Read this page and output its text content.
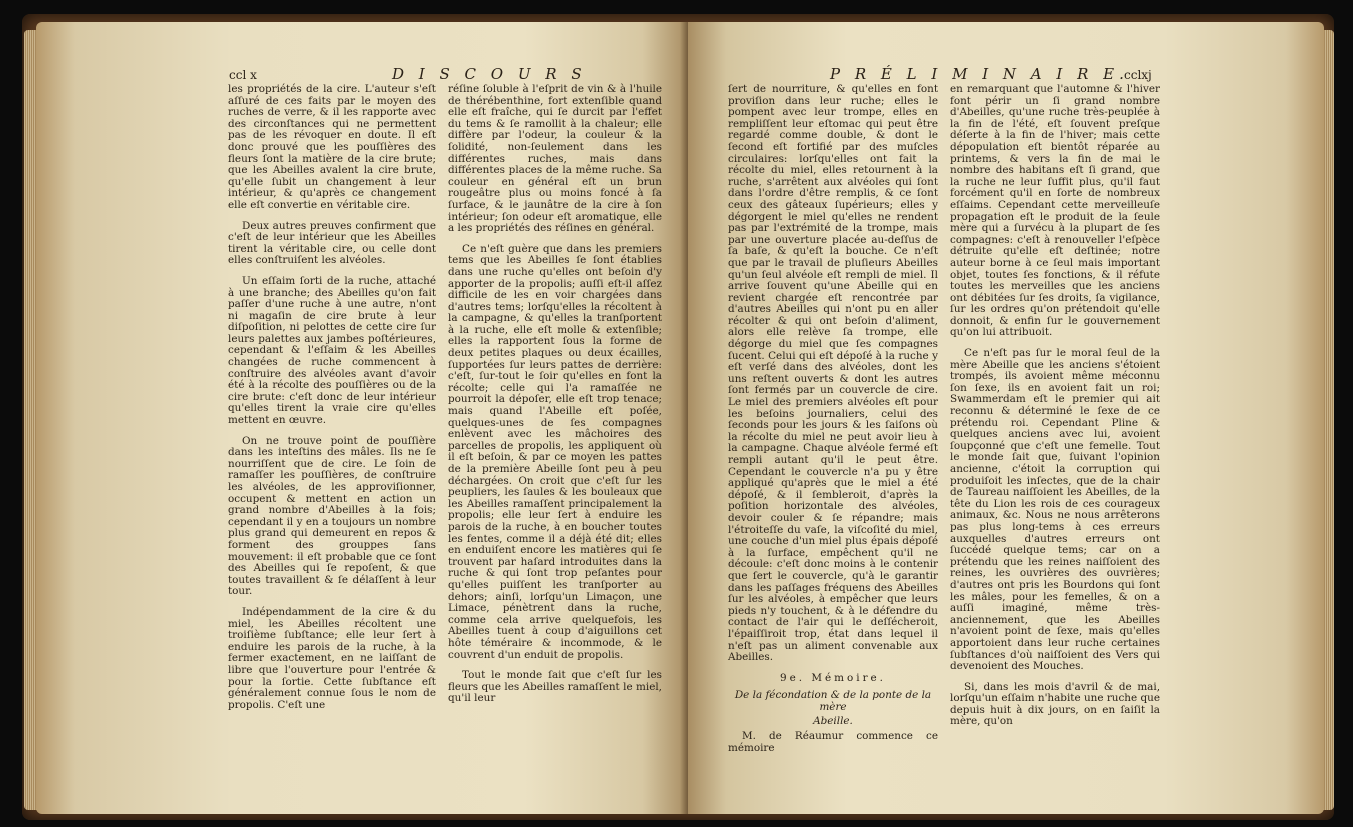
ccl x	D I S C O U R S

les propriétés de la cire. L'auteur s'eſt aſſuré de ces faits par le moyen des ruches de verre, & il les rapporte avec des circonſtances qui ne permettent pas de les révoquer en doute. Il eſt donc prouvé que les pouſſières des fleurs ſont la matière de la cire brute; que les Abeilles avalent la cire brute, qu'elle ſubit un changement à leur intérieur, & qu'après ce changement elle eſt convertie en véritable cire.

Deux autres preuves confirment que c'eſt de leur intérieur que les Abeilles tirent la véritable cire, ou celle dont elles conſtruiſent les alvéoles.

Un eſſaim ſorti de la ruche, attaché à une branche; des Abeilles qu'on fait paſſer d'une ruche à une autre, n'ont ni magaſin de cire brute à leur diſpoſition, ni pelottes de cette cire ſur leurs palettes aux jambes poſtérieures, cependant & l'eſſaim & les Abeilles changées de ruche commencent à conſtruire des alvéoles avant d'avoir été à la récolte des pouſſières ou de la cire brute: c'eſt donc de leur intérieur qu'elles tirent la vraie cire qu'elles mettent en œuvre.

On ne trouve point de pouſſière dans les inteſtins des mâles. Ils ne ſe nourriſſent que de cire. Le ſoin de ramaſſer les pouſſières, de conſtruire les alvéoles, de les approviſionner, occupent & mettent en action un grand nombre d'Abeilles à la fois; cependant il y en a toujours un nombre plus grand qui demeurent en repos & forment des grouppes ſans mouvement: il eſt probable que ce ſont des Abeilles qui ſe repoſent, & que toutes travaillent & ſe délaſſent à leur tour.

Indépendamment de la cire & du miel, les Abeilles récoltent une troiſième ſubſtance; elle leur ſert à enduire les parois de la ruche, à la fermer exactement, en ne laiſſant de libre que l'ouverture pour l'entrée & pour la ſortie. Cette ſubſtance eſt généralement connue ſous le nom de propolis. C'eſt une

réſine ſoluble à l'eſprit de vin & à l'huile de thérébenthine, fort extenſible quand elle eſt fraîche, qui ſe durcit par l'effet du tems & ſe ramollit à la chaleur; elle diffère par l'odeur, la couleur & la ſolidité, non-ſeulement dans les différentes ruches, mais dans différentes places de la même ruche. Sa couleur en général eſt un brun rougeâtre plus ou moins foncé à ſa ſurface, & le jaunâtre de la cire à ſon intérieur; ſon odeur eſt aromatique, elle a les propriétés des réſines en général.

Ce n'eſt guère que dans les premiers tems que les Abeilles ſe ſont établies dans une ruche qu'elles ont beſoin d'y apporter de la propolis; auſſi eſt-il aſſez difficile de les en voir chargées dans d'autres tems; lorſqu'elles la récoltent à la campagne, & qu'elles la tranſportent à la ruche, elle eſt molle & extenſible; elles la rapportent ſous la forme de deux petites plaques ou deux écailles, ſupportées ſur leurs pattes de derrière: c'eſt, ſur-tout le ſoir qu'elles en font la récolte; celle qui l'a ramaſſée ne pourroit la dépoſer, elle eſt trop tenace; mais quand l'Abeille eſt poſée, quelques-unes de ſes compagnes enlèvent avec les mâchoires des parcelles de propolis, les appliquent où il eſt beſoin, & par ce moyen les pattes de la première Abeille ſont peu à peu déchargées. On croit que c'eſt ſur les peupliers, les ſaules & les bouleaux que les Abeilles ramaſſent principalement la propolis; elle leur ſert à enduire les parois de la ruche, à en boucher toutes les fentes, comme il a déjà été dit; elles en enduiſent encore les matières qui ſe trouvent par haſard introduites dans la ruche & qui ſont trop peſantes pour qu'elles puiſſent les tranſporter au dehors; ainſi, lorſqu'un Limaçon, une Limace, pénètrent dans la ruche, comme cela arrive quelquefois, les Abeilles tuent à coup d'aiguillons cet hôte téméraire & incommode, & le couvrent d'un enduit de propolis.

Tout le monde ſait que c'eſt ſur les fleurs que les Abeilles ramaſſent le miel, qu'il leur

P R É L I M I N A I R E.
cclxj

ſert de nourriture, & qu'elles en font proviſion dans leur ruche; elles le pompent avec leur trompe, elles en rempliſſent leur eſtomac qui peut être regardé comme double, & dont le ſecond eſt fortifié par des muſcles circulaires: lorſqu'elles ont fait la récolte du miel, elles retournent à la ruche, s'arrêtent aux alvéoles qui ſont dans l'ordre d'être remplis, & ce ſont ceux des gâteaux ſupérieurs; elles y dégorgent le miel qu'elles ne rendent pas par l'extrémité de la trompe, mais par une ouverture placée au-deſſus de ſa baſe, & qu'eſt la bouche. Ce n'eſt que par le travail de pluſieurs Abeilles qu'un ſeul alvéole eſt rempli de miel. Il arrive ſouvent qu'une Abeille qui en revient chargée eſt rencontrée par d'autres Abeilles qui n'ont pu en aller récolter & qui ont beſoin d'aliment, alors elle relève ſa trompe, elle dégorge du miel que ſes compagnes ſucent. Celui qui eſt dépoſé à la ruche y eſt verſé dans des alvéoles, dont les uns reſtent ouverts & dont les autres ſont fermés par un couvercle de cire. Le miel des premiers alvéoles eſt pour les beſoins journaliers, celui des ſeconds pour les jours & les ſaiſons où la récolte du miel ne peut avoir lieu à la campagne. Chaque alvéole fermé eſt rempli autant qu'il le peut être. Cependant le couvercle n'a pu y être appliqué qu'après que le miel a été dépoſé, & il ſembleroit, d'après la poſition horizontale des alvéoles, devoir couler & ſe répandre; mais l'étroiteſſe du vaſe, la viſcoſité du miel, une couche d'un miel plus épais dépoſé à la ſurface, empêchent qu'il ne découle: c'eſt donc moins à le contenir que ſert le couvercle, qu'à le garantir dans les paſſages fréquens des Abeilles ſur les alvéoles, à empêcher que leurs pieds n'y touchent, & à le défendre du contact de l'air qui le deſſécheroit, l'épaiſſiroit trop, état dans lequel il n'eſt pas un aliment convenable aux Abeilles.

9e. Mémoire.

De la fécondation & de la ponte de la mère

Abeille.

M. de Réaumur commence ce mémoire

en remarquant que l'automne & l'hiver font périr un ſi grand nombre d'Abeilles, qu'une ruche très-peuplée à la fin de l'été, eſt ſouvent preſque déſerte à la fin de l'hiver; mais cette dépopulation eſt bientôt réparée au printems, & vers la fin de mai le nombre des habitans eſt ſi grand, que la ruche ne leur ſuffit plus, qu'il faut forcément qu'il en ſorte de nombreux eſſaims. Cependant cette merveilleuſe propagation eſt le produit de la ſeule mère qui a ſurvécu à la plupart de ſes compagnes: c'eſt à renouveller l'eſpèce détruite qu'elle eſt deſtinée; notre auteur borne à ce ſeul mais important objet, toutes ſes fonctions, & il réfute toutes les merveilles que les anciens ont débitées ſur ſes droits, ſa vigilance, ſur les ordres qu'on prétendoit qu'elle donnoit, & enfin ſur le gouvernement qu'on lui attribuoit.

Ce n'eſt pas ſur le moral ſeul de la mère Abeille que les anciens s'étoient trompés, ils avoient même méconnu ſon ſexe, ils en avoient fait un roi; Swammerdam eſt le premier qui ait reconnu & déterminé le ſexe de ce prétendu roi. Cependant Pline & quelques anciens avec lui, avoient ſoupçonné que c'eſt une femelle. Tout le monde ſait que, ſuivant l'opinion ancienne, c'étoit la corruption qui produiſoit les inſectes, que de la chair de Taureau naiſſoient les Abeilles, de la tête du Lion les rois de ces courageux animaux, &c. Nous ne nous arrêterons pas plus long-tems à ces erreurs auxquelles d'autres erreurs ont ſuccédé quelque tems; car on a prétendu que les reines naiſſoient des reines, les ouvrières des ouvrières; d'autres ont pris les Bourdons qui ſont les mâles, pour les femelles, & on a auſſi imaginé, même très-anciennement, que les Abeilles n'avoient point de ſexe, mais qu'elles apportoient dans leur ruche certaines ſubſtances d'où naiſſoient des Vers qui devenoient des Mouches.

Si, dans les mois d'avril & de mai, lorſqu'un eſſaim n'habite une ruche que depuis huit à dix jours, on en ſaiſit la mère, qu'on
